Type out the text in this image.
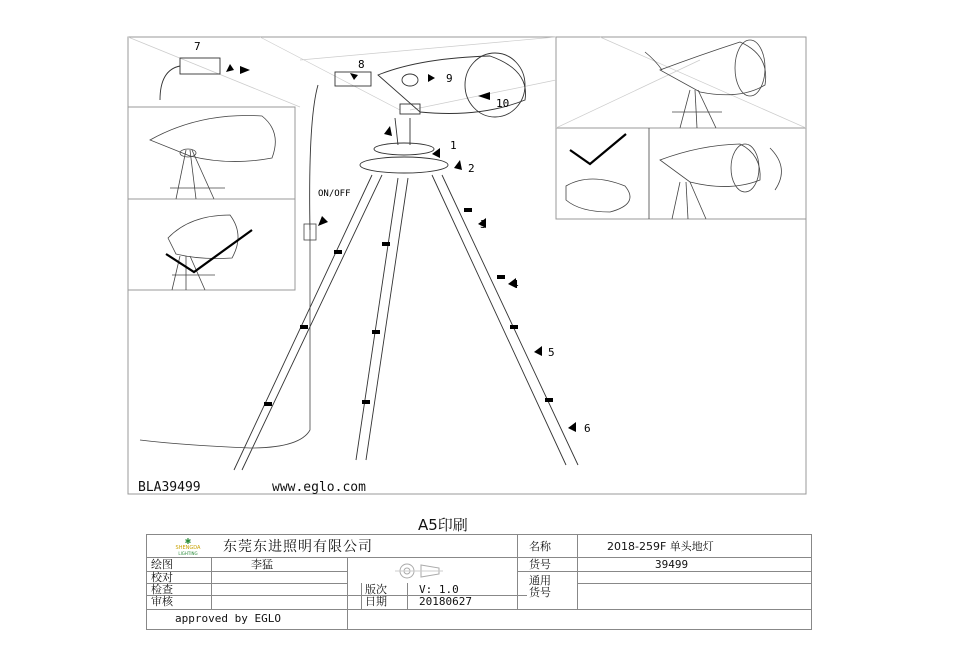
7
8
9
10
1
2
3
4
5
6
ON/OFF
BLA39499	www.eglo.com
A5印刷
✱
SHENGDA
LIGHTING	东莞东进照明有限公司	名称	2018-259F 单头地灯
绘图	李猛	货号	39499
校对
检查
审核
版次	V: 1.0
日期	20180627
通用
货号
approved by EGLO
